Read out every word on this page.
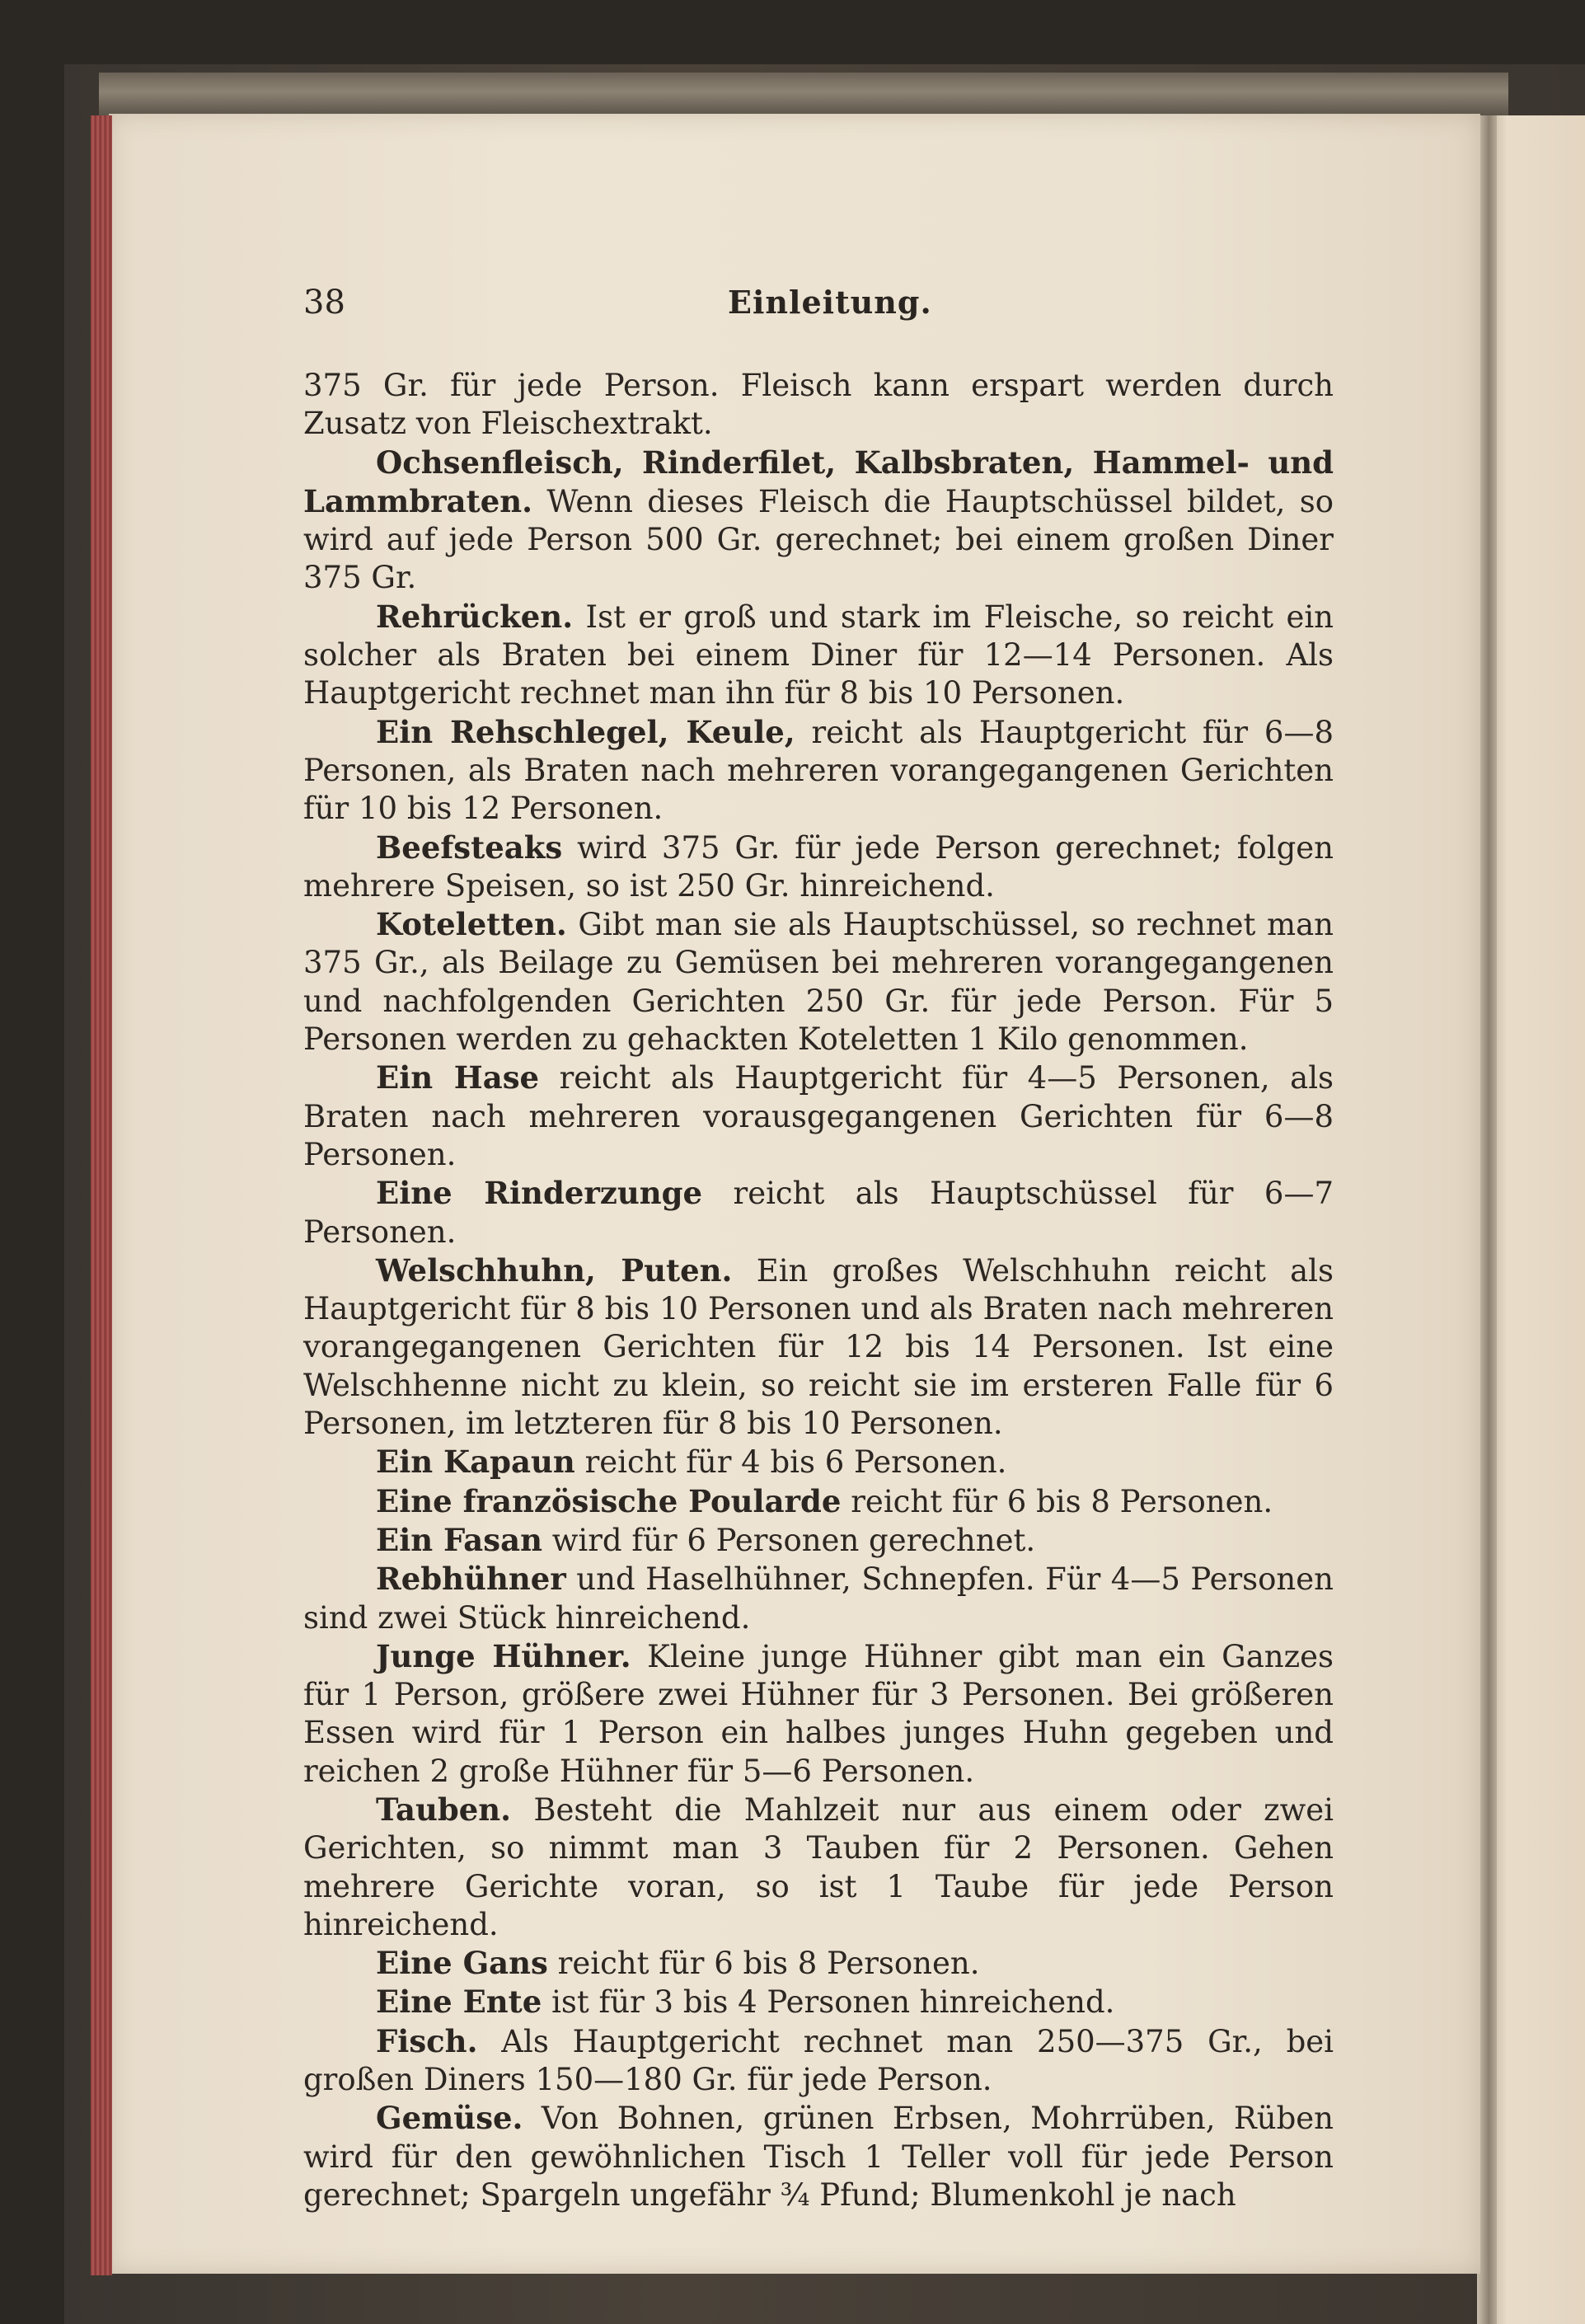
38	Einleitung.

375 Gr. für jede Person. Fleisch kann erspart werden durch Zusatz von Fleischextrakt.

Ochsenfleisch, Rinderfilet, Kalbsbraten, Hammel- und Lammbraten. Wenn dieses Fleisch die Hauptschüssel bildet, so wird auf jede Person 500 Gr. gerechnet; bei einem großen Diner 375 Gr.

Rehrücken. Ist er groß und stark im Fleische, so reicht ein solcher als Braten bei einem Diner für 12—14 Personen. Als Hauptgericht rechnet man ihn für 8 bis 10 Personen.

Ein Rehschlegel, Keule, reicht als Hauptgericht für 6—8 Personen, als Braten nach mehreren vorangegangenen Gerichten für 10 bis 12 Personen.

Beefsteaks wird 375 Gr. für jede Person gerechnet; folgen mehrere Speisen, so ist 250 Gr. hinreichend.

Koteletten. Gibt man sie als Hauptschüssel, so rechnet man 375 Gr., als Beilage zu Gemüsen bei mehreren vorangegangenen und nachfolgenden Gerichten 250 Gr. für jede Person. Für 5 Personen werden zu gehackten Koteletten 1 Kilo genommen.

Ein Hase reicht als Hauptgericht für 4—5 Personen, als Braten nach mehreren vorausgegangenen Gerichten für 6—8 Personen.

Eine Rinderzunge reicht als Hauptschüssel für 6—7 Personen.

Welschhuhn, Puten. Ein großes Welschhuhn reicht als Hauptgericht für 8 bis 10 Personen und als Braten nach mehreren vorangegangenen Gerichten für 12 bis 14 Personen. Ist eine Welschhenne nicht zu klein, so reicht sie im ersteren Falle für 6 Personen, im letzteren für 8 bis 10 Personen.

Ein Kapaun reicht für 4 bis 6 Personen.

Eine französische Poularde reicht für 6 bis 8 Personen.

Ein Fasan wird für 6 Personen gerechnet.

Rebhühner und Haselhühner, Schnepfen. Für 4—5 Personen sind zwei Stück hinreichend.

Junge Hühner. Kleine junge Hühner gibt man ein Ganzes für 1 Person, größere zwei Hühner für 3 Personen. Bei größeren Essen wird für 1 Person ein halbes junges Huhn gegeben und reichen 2 große Hühner für 5—6 Personen.

Tauben. Besteht die Mahlzeit nur aus einem oder zwei Gerichten, so nimmt man 3 Tauben für 2 Personen. Gehen mehrere Gerichte voran, so ist 1 Taube für jede Person hinreichend.

Eine Gans reicht für 6 bis 8 Personen.

Eine Ente ist für 3 bis 4 Personen hinreichend.

Fisch. Als Hauptgericht rechnet man 250—375 Gr., bei großen Diners 150—180 Gr. für jede Person.

Gemüse. Von Bohnen, grünen Erbsen, Mohrrüben, Rüben wird für den gewöhnlichen Tisch 1 Teller voll für jede Person gerechnet; Spargeln ungefähr ¾ Pfund; Blumenkohl je nach
